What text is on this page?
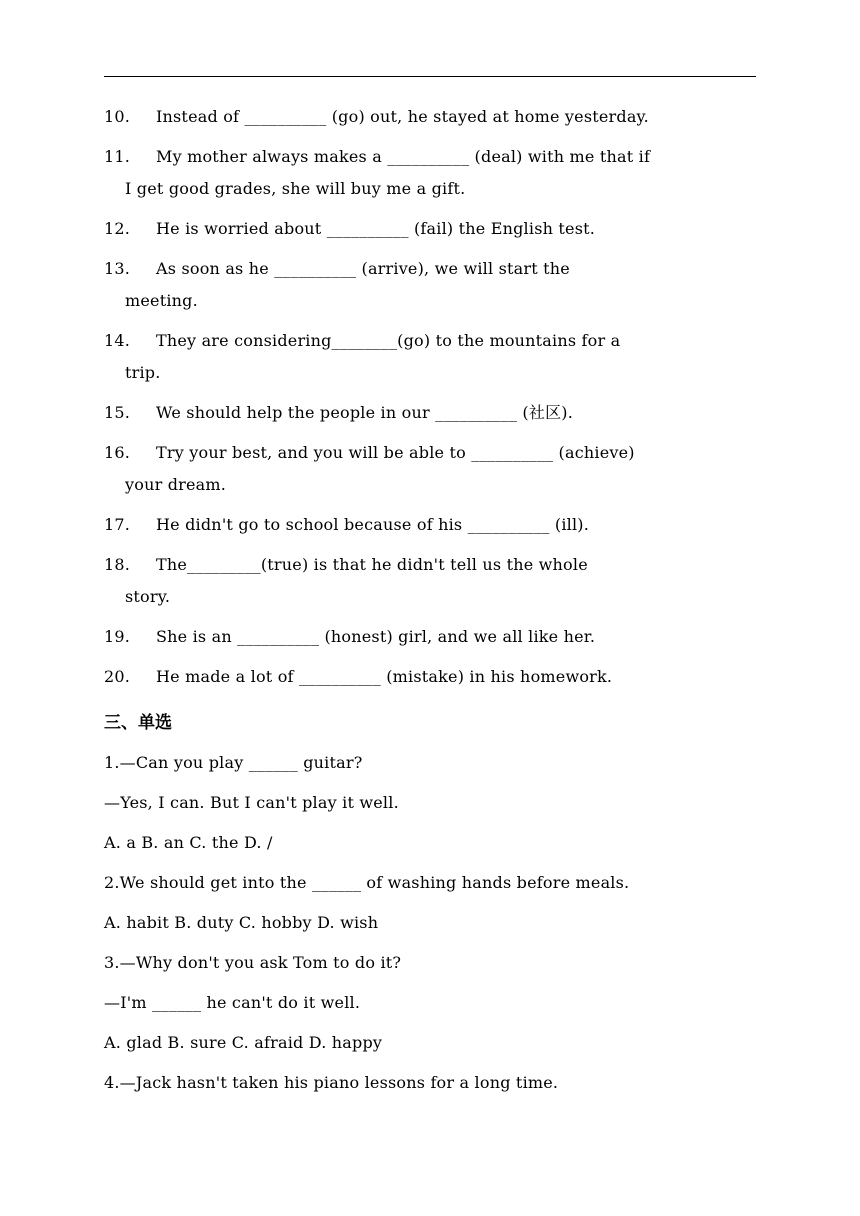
10. Instead of __________ (go) out, he stayed at home yesterday.
11. My mother always makes a __________ (deal) with me that if
I get good grades, she will buy me a gift.
12. He is worried about __________ (fail) the English test.
13. As soon as he __________ (arrive), we will start the
meeting.
14. They are considering________(go) to the mountains for a
trip.
15. We should help the people in our __________ (社区).
16. Try your best, and you will be able to __________ (achieve)
your dream.
17. He didn't go to school because of his __________ (ill).
18. The_________(true) is that he didn't tell us the whole
story.
19. She is an __________ (honest) girl, and we all like her.
20. He made a lot of __________ (mistake) in his homework.
三、单选
1.—Can you play ______ guitar?
—Yes, I can. But I can't play it well.
A. a B. an C. the D. /
2.We should get into the ______ of washing hands before meals.
A. habit B. duty C. hobby D. wish
3.—Why don't you ask Tom to do it?
—I'm ______ he can't do it well.
A. glad B. sure C. afraid D. happy
4.—Jack hasn't taken his piano lessons for a long time.
